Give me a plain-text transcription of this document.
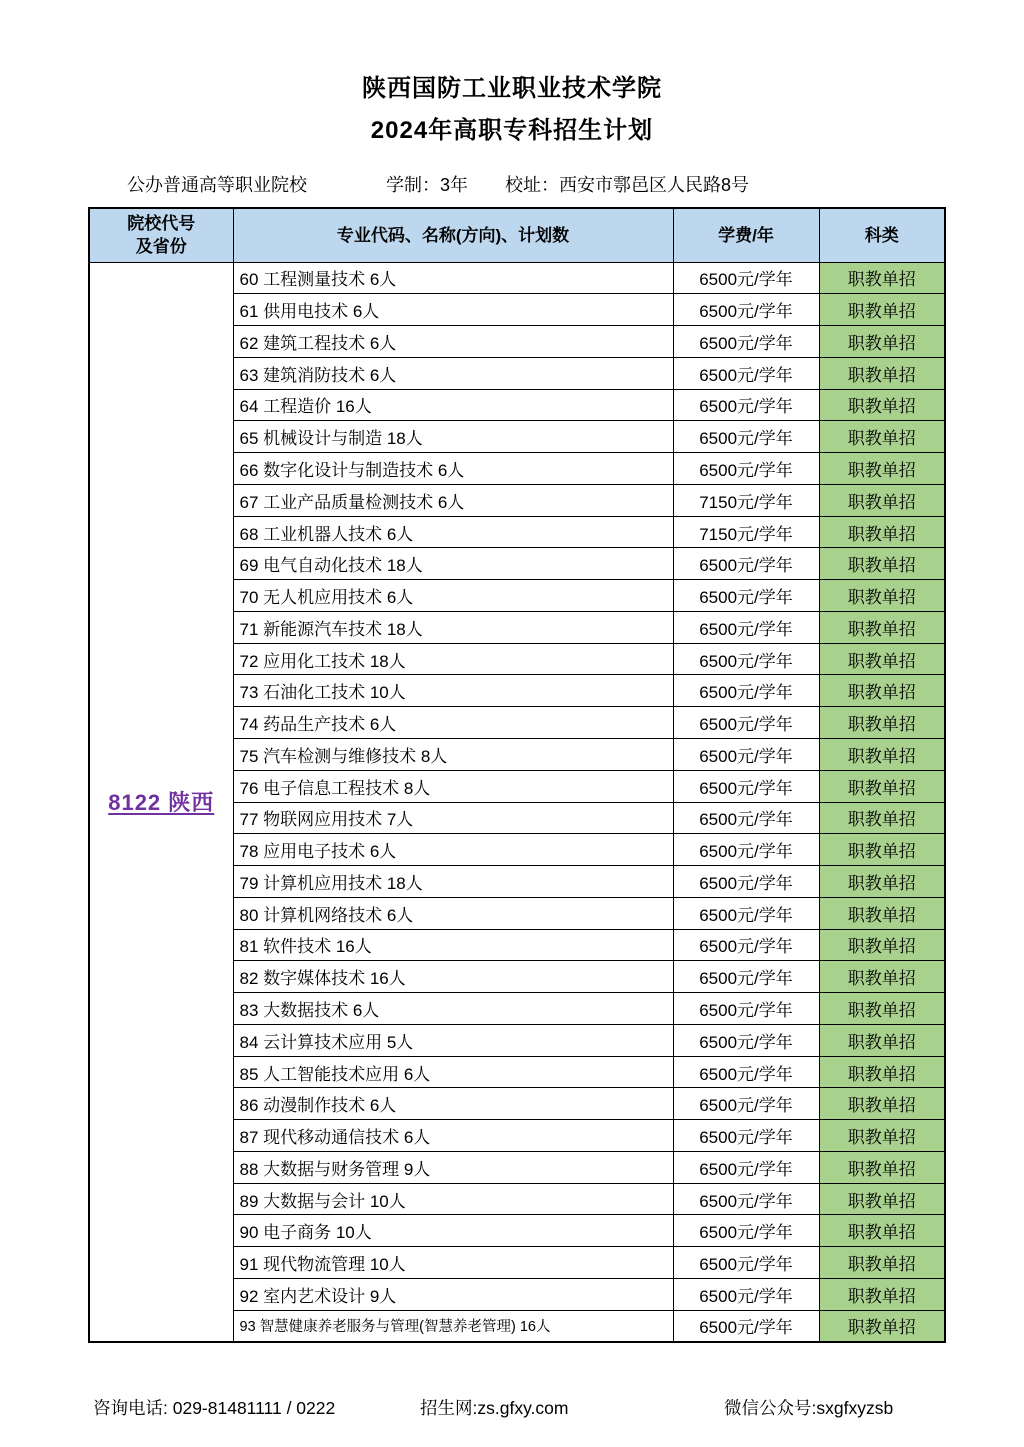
陕西国防工业职业技术学院
2024年高职专科招生计划
公办普通高等职业院校	学制：3年 校址：西安市鄠邑区人民路8号
院校代号
及省份	专业代码、名称(方向)、计划数	学费/年	科类
8122 陕西	60 工程测量技术 6人	6500元/学年	职教单招
	61 供用电技术 6人	6500元/学年	职教单招
	62 建筑工程技术 6人	6500元/学年	职教单招
	63 建筑消防技术 6人	6500元/学年	职教单招
	64 工程造价 16人	6500元/学年	职教单招
	65 机械设计与制造 18人	6500元/学年	职教单招
	66 数字化设计与制造技术 6人	6500元/学年	职教单招
	67 工业产品质量检测技术 6人	7150元/学年	职教单招
	68 工业机器人技术 6人	7150元/学年	职教单招
	69 电气自动化技术 18人	6500元/学年	职教单招
	70 无人机应用技术 6人	6500元/学年	职教单招
	71 新能源汽车技术 18人	6500元/学年	职教单招
	72 应用化工技术 18人	6500元/学年	职教单招
	73 石油化工技术 10人	6500元/学年	职教单招
	74 药品生产技术 6人	6500元/学年	职教单招
	75 汽车检测与维修技术 8人	6500元/学年	职教单招
	76 电子信息工程技术 8人	6500元/学年	职教单招
	77 物联网应用技术 7人	6500元/学年	职教单招
	78 应用电子技术 6人	6500元/学年	职教单招
	79 计算机应用技术 18人	6500元/学年	职教单招
	80 计算机网络技术 6人	6500元/学年	职教单招
	81 软件技术 16人	6500元/学年	职教单招
	82 数字媒体技术 16人	6500元/学年	职教单招
	83 大数据技术 6人	6500元/学年	职教单招
	84 云计算技术应用 5人	6500元/学年	职教单招
	85 人工智能技术应用 6人	6500元/学年	职教单招
	86 动漫制作技术 6人	6500元/学年	职教单招
	87 现代移动通信技术 6人	6500元/学年	职教单招
	88 大数据与财务管理 9人	6500元/学年	职教单招
	89 大数据与会计 10人	6500元/学年	职教单招
	90 电子商务 10人	6500元/学年	职教单招
	91 现代物流管理 10人	6500元/学年	职教单招
	92 室内艺术设计 9人	6500元/学年	职教单招
	93 智慧健康养老服务与管理(智慧养老管理) 16人	6500元/学年	职教单招
咨询电话: 029-81481111 / 0222	招生网:zs.gfxy.com	微信公众号:sxgfxyzsb
